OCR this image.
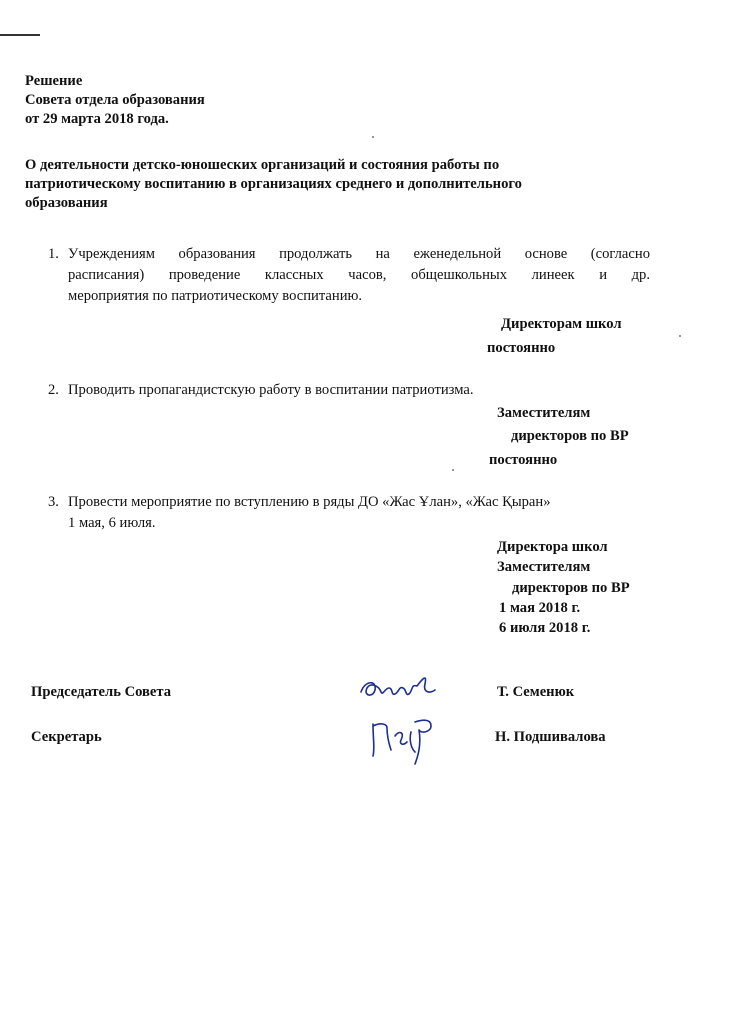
Решение
Совета отдела образования
от 29 марта 2018 года.
О деятельности детско-юношеских организаций и состояния работы по
патриотическому воспитанию в организациях среднего и дополнительного
образования
1. Учреждениям образования продолжать на еженедельной основе (согласно
расписания) проведение классных часов, общешкольных линеек и др.
мероприятия по патриотическому воспитанию.
Директорам школ
постоянно
2. Проводить пропагандистскую работу в воспитании патриотизма.
Заместителям
директоров по ВР
постоянно
3. Провести мероприятие по вступлению в ряды ДО «Жас Ұлан», «Жас Қыран»
1 мая, 6 июля.
Директора школ
Заместителям
директоров по ВР
1 мая 2018 г.
6 июля 2018 г.
Председатель Совета	Т. Семенюк
Секретарь	Н. Подшивалова
